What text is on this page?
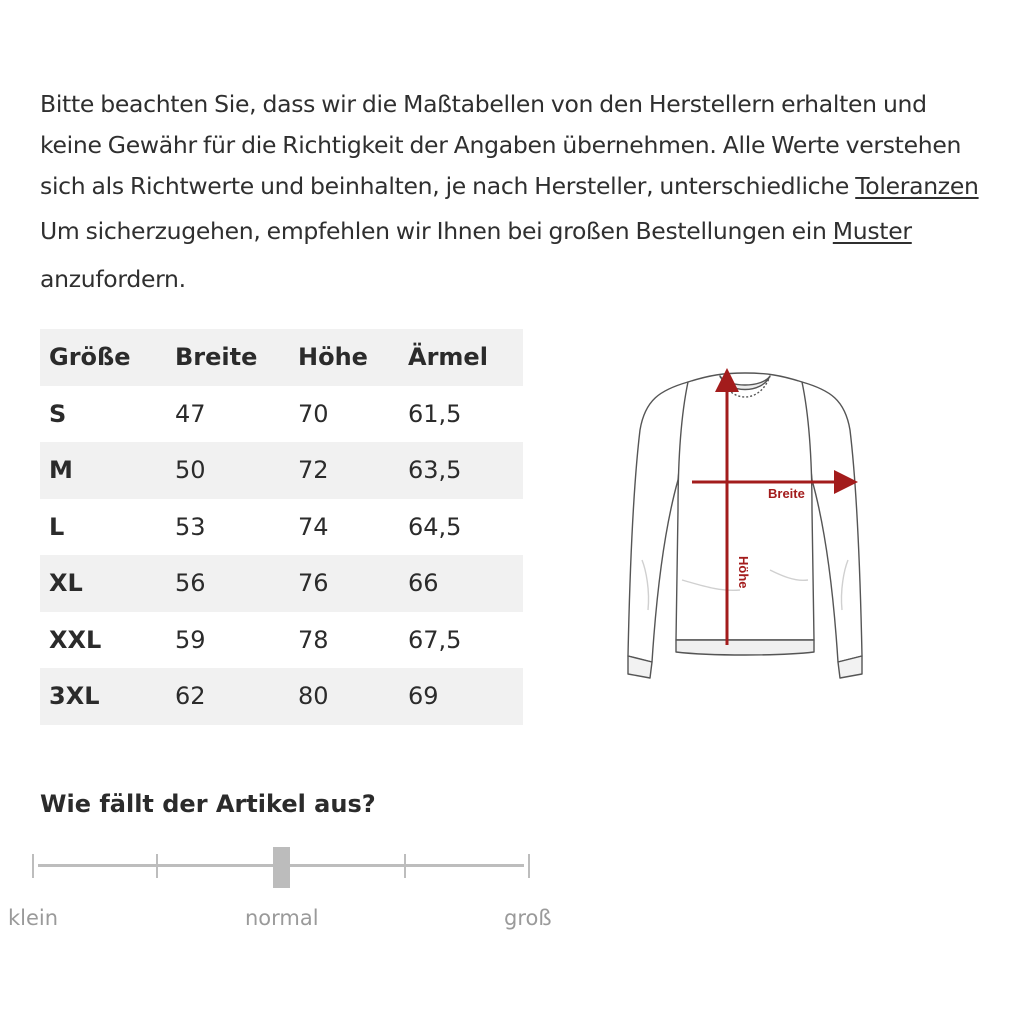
Bitte beachten Sie, dass wir die Maßtabellen von den Herstellern erhalten und
keine Gewähr für die Richtigkeit der Angaben übernehmen. Alle Werte verstehen
sich als Richtwerte und beinhalten, je nach Hersteller, unterschiedliche Toleranzen
Um sicherzugehen, empfehlen wir Ihnen bei großen Bestellungen ein Muster
anzufordern.

Größe	Breite	Höhe	Ärmel
S	47	70	61,5
M	50	72	63,5
L	53	74	64,5
XL	56	76	66
XXL	59	78	67,5
3XL	62	80	69
Breite
Höhe
Wie fällt der Artikel aus?
klein	normal	groß
